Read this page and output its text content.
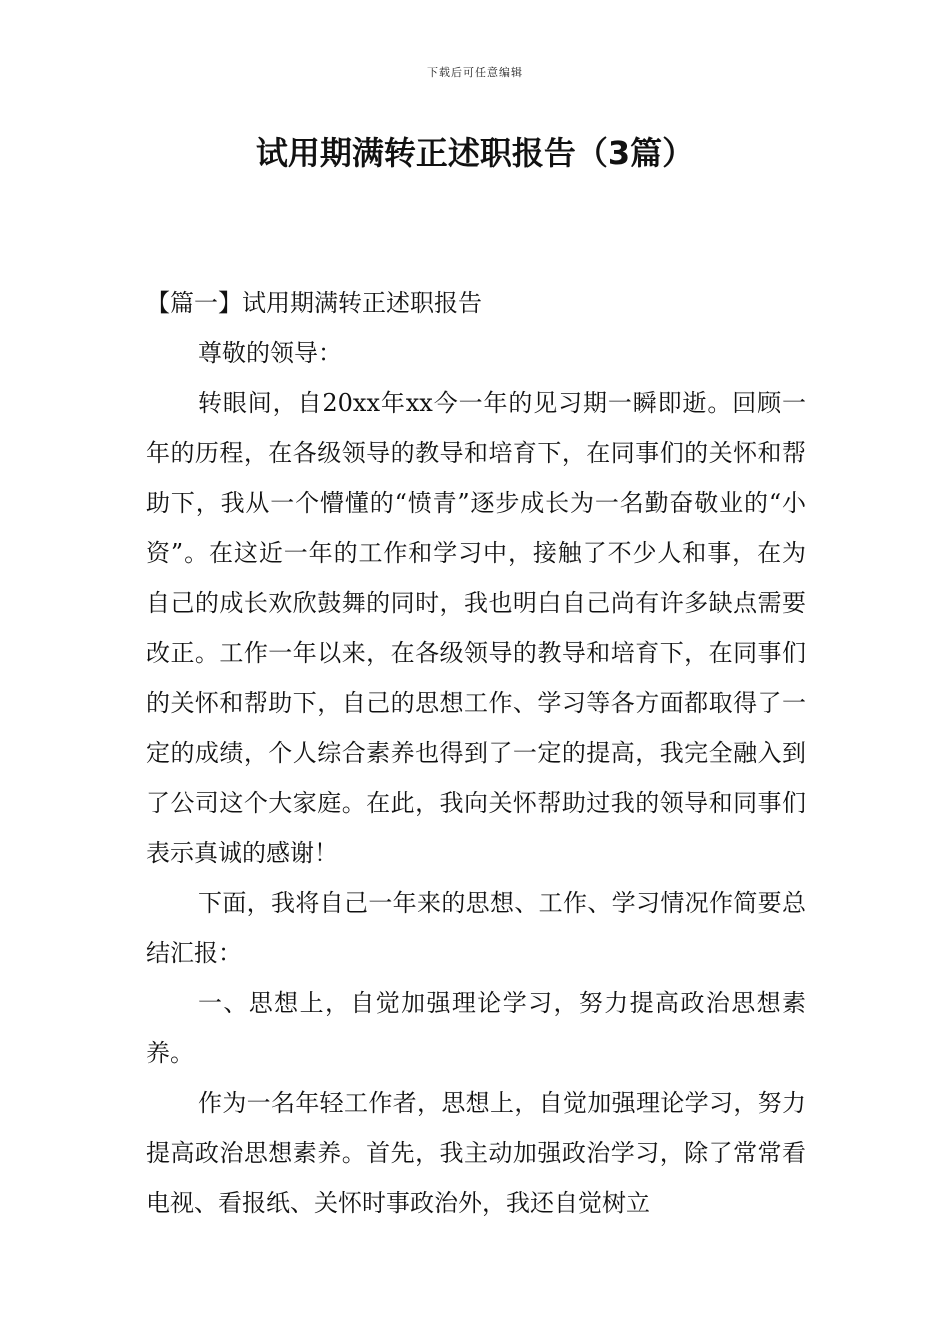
下载后可任意编辑
试用期满转正述职报告（3篇）
【篇一】试用期满转正述职报告

尊敬的领导：

转眼间，自20xx年xx今一年的见习期一瞬即逝。回顾一年的历程，在各级领导的教导和培育下，在同事们的关怀和帮助下，我从一个懵懂的“愤青”逐步成长为一名勤奋敬业的“小资”。在这近一年的工作和学习中，接触了不少人和事，在为自己的成长欢欣鼓舞的同时，我也明白自己尚有许多缺点需要改正。工作一年以来，在各级领导的教导和培育下，在同事们的关怀和帮助下，自己的思想工作、学习等各方面都取得了一定的成绩，个人综合素养也得到了一定的提高，我完全融入到了公司这个大家庭。在此，我向关怀帮助过我的领导和同事们表示真诚的感谢！

下面，我将自己一年来的思想、工作、学习情况作简要总结汇报：

一、思想上，自觉加强理论学习，努力提高政治思想素养。

作为一名年轻工作者，思想上，自觉加强理论学习，努力提高政治思想素养。首先，我主动加强政治学习，除了常常看电视、看报纸、关怀时事政治外，我还自觉树立
